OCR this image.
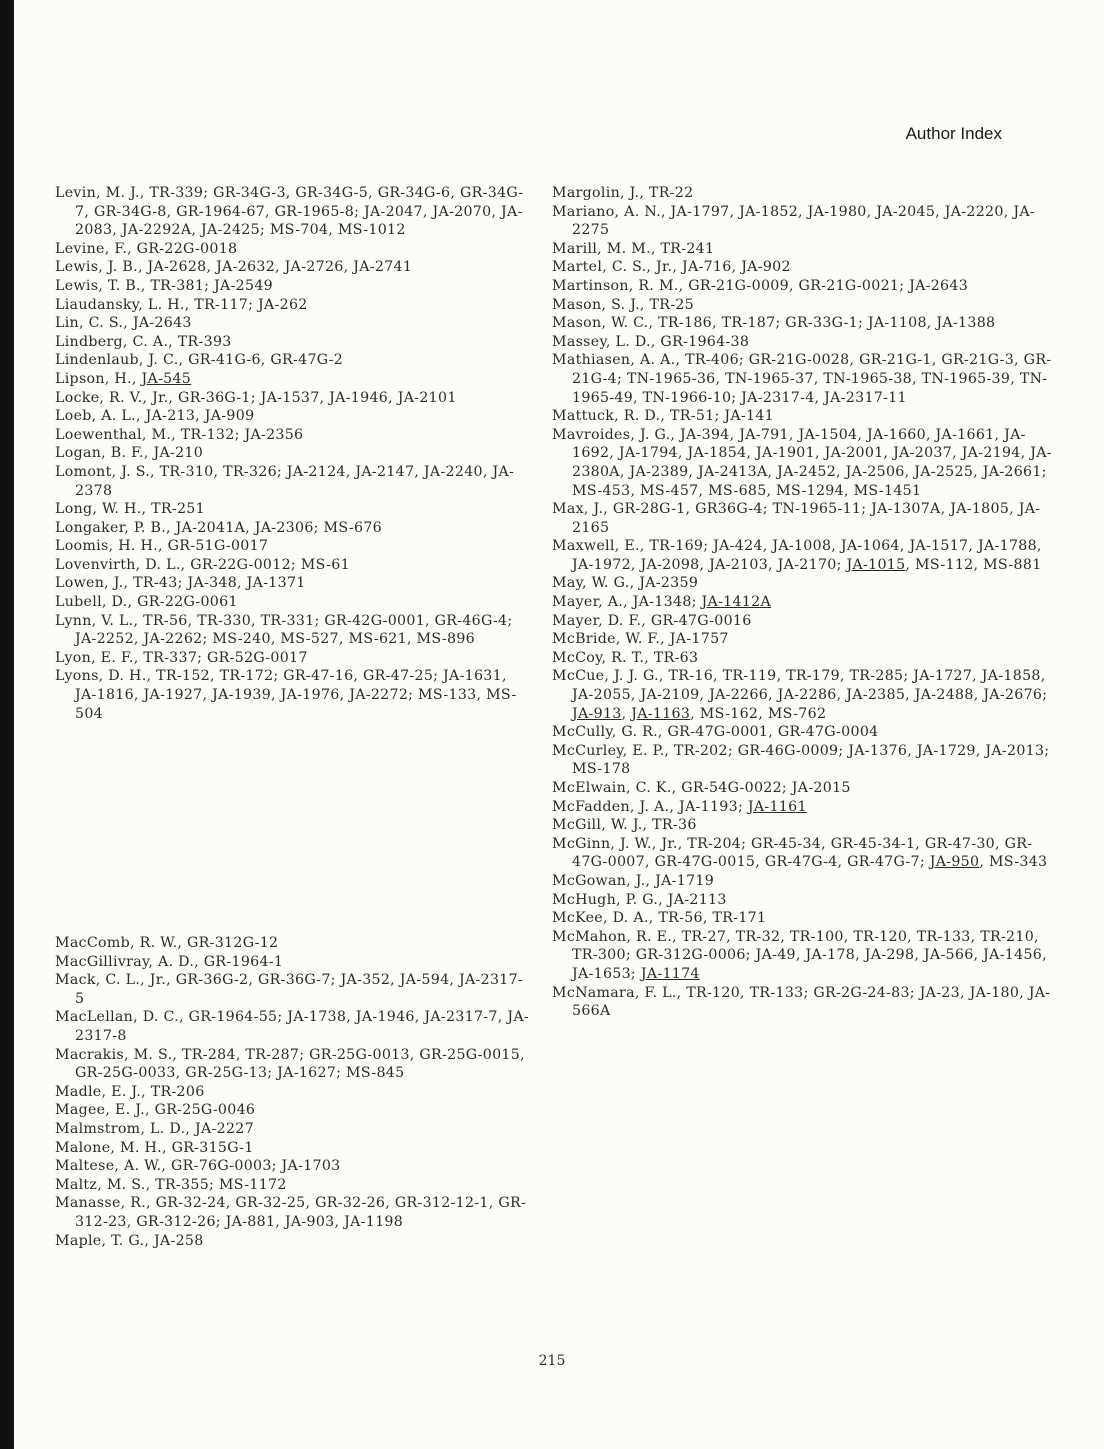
Author Index

Levin, M. J., TR-339; GR-34G-3, GR-34G-5, GR-34G-6, GR-34G-7, GR-34G-8, GR-1964-67, GR-1965-8; JA-2047, JA-2070, JA-2083, JA-2292A, JA-2425; MS-704, MS-1012

Levine, F., GR-22G-0018

Lewis, J. B., JA-2628, JA-2632, JA-2726, JA-2741

Lewis, T. B., TR-381; JA-2549

Liaudansky, L. H., TR-117; JA-262

Lin, C. S., JA-2643

Lindberg, C. A., TR-393

Lindenlaub, J. C., GR-41G-6, GR-47G-2

Lipson, H., JA-545

Locke, R. V., Jr., GR-36G-1; JA-1537, JA-1946, JA-2101

Loeb, A. L., JA-213, JA-909

Loewenthal, M., TR-132; JA-2356

Logan, B. F., JA-210

Lomont, J. S., TR-310, TR-326; JA-2124, JA-2147, JA-2240, JA-2378

Long, W. H., TR-251

Longaker, P. B., JA-2041A, JA-2306; MS-676

Loomis, H. H., GR-51G-0017

Lovenvirth, D. L., GR-22G-0012; MS-61

Lowen, J., TR-43; JA-348, JA-1371

Lubell, D., GR-22G-0061

Lynn, V. L., TR-56, TR-330, TR-331; GR-42G-0001, GR-46G-4; JA-2252, JA-2262; MS-240, MS-527, MS-621, MS-896

Lyon, E. F., TR-337; GR-52G-0017

Lyons, D. H., TR-152, TR-172; GR-47-16, GR-47-25; JA-1631, JA-1816, JA-1927, JA-1939, JA-1976, JA-2272; MS-133, MS-504

MacComb, R. W., GR-312G-12

MacGillivray, A. D., GR-1964-1

Mack, C. L., Jr., GR-36G-2, GR-36G-7; JA-352, JA-594, JA-2317-5

MacLellan, D. C., GR-1964-55; JA-1738, JA-1946, JA-2317-7, JA-2317-8

Macrakis, M. S., TR-284, TR-287; GR-25G-0013, GR-25G-0015, GR-25G-0033, GR-25G-13; JA-1627; MS-845

Madle, E. J., TR-206

Magee, E. J., GR-25G-0046

Malmstrom, L. D., JA-2227

Malone, M. H., GR-315G-1

Maltese, A. W., GR-76G-0003; JA-1703

Maltz, M. S., TR-355; MS-1172

Manasse, R., GR-32-24, GR-32-25, GR-32-26, GR-312-12-1, GR-312-23, GR-312-26; JA-881, JA-903, JA-1198

Maple, T. G., JA-258

Margolin, J., TR-22

Mariano, A. N., JA-1797, JA-1852, JA-1980, JA-2045, JA-2220, JA-2275

Marill, M. M., TR-241

Martel, C. S., Jr., JA-716, JA-902

Martinson, R. M., GR-21G-0009, GR-21G-0021; JA-2643

Mason, S. J., TR-25

Mason, W. C., TR-186, TR-187; GR-33G-1; JA-1108, JA-1388

Massey, L. D., GR-1964-38

Mathiasen, A. A., TR-406; GR-21G-0028, GR-21G-1, GR-21G-3, GR-21G-4; TN-1965-36, TN-1965-37, TN-1965-38, TN-1965-39, TN-1965-49, TN-1966-10; JA-2317-4, JA-2317-11

Mattuck, R. D., TR-51; JA-141

Mavroides, J. G., JA-394, JA-791, JA-1504, JA-1660, JA-1661, JA-1692, JA-1794, JA-1854, JA-1901, JA-2001, JA-2037, JA-2194, JA-2380A, JA-2389, JA-2413A, JA-2452, JA-2506, JA-2525, JA-2661; MS-453, MS-457, MS-685, MS-1294, MS-1451

Max, J., GR-28G-1, GR36G-4; TN-1965-11; JA-1307A, JA-1805, JA-2165

Maxwell, E., TR-169; JA-424, JA-1008, JA-1064, JA-1517, JA-1788, JA-1972, JA-2098, JA-2103, JA-2170; JA-1015, MS-112, MS-881

May, W. G., JA-2359

Mayer, A., JA-1348; JA-1412A

Mayer, D. F., GR-47G-0016

McBride, W. F., JA-1757

McCoy, R. T., TR-63

McCue, J. J. G., TR-16, TR-119, TR-179, TR-285; JA-1727, JA-1858, JA-2055, JA-2109, JA-2266, JA-2286, JA-2385, JA-2488, JA-2676; JA-913, JA-1163, MS-162, MS-762

McCully, G. R., GR-47G-0001, GR-47G-0004

McCurley, E. P., TR-202; GR-46G-0009; JA-1376, JA-1729, JA-2013; MS-178

McElwain, C. K., GR-54G-0022; JA-2015

McFadden, J. A., JA-1193; JA-1161

McGill, W. J., TR-36

McGinn, J. W., Jr., TR-204; GR-45-34, GR-45-34-1, GR-47-30, GR-47G-0007, GR-47G-0015, GR-47G-4, GR-47G-7; JA-950, MS-343

McGowan, J., JA-1719

McHugh, P. G., JA-2113

McKee, D. A., TR-56, TR-171

McMahon, R. E., TR-27, TR-32, TR-100, TR-120, TR-133, TR-210, TR-300; GR-312G-0006; JA-49, JA-178, JA-298, JA-566, JA-1456, JA-1653; JA-1174

McNamara, F. L., TR-120, TR-133; GR-2G-24-83; JA-23, JA-180, JA-566A

215
